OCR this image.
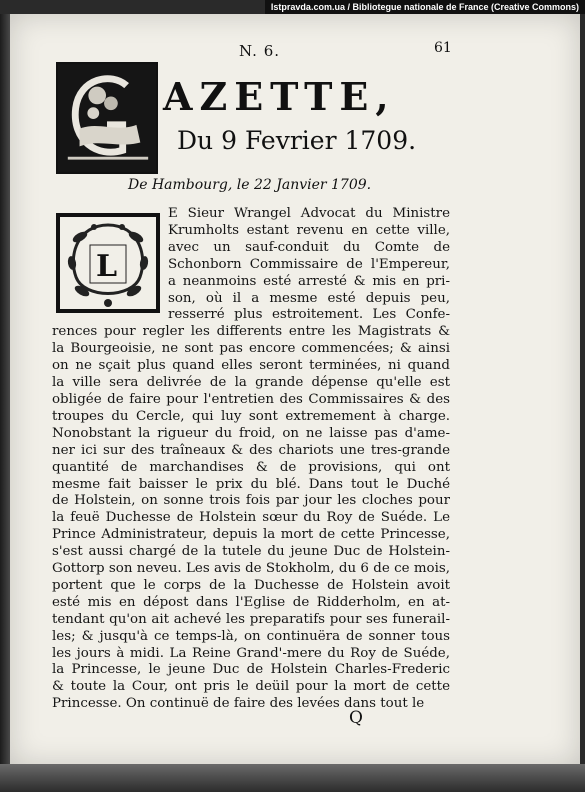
N. 6.	61
AZETTE,
Du 9 Fevrier 1709.
De Hambourg, le 22 Janvier 1709.
L
E Sieur Wrangel Advocat du Ministre
Krumholts estant revenu en cette ville,
avec un sauf-conduit du Comte de
Schonborn Commissaire de l'Empereur,
a neanmoins esté arresté & mis en pri-
son, où il a mesme esté depuis peu,
resserré plus estroitement. Les Confe-
rences pour regler les differents entre les Magistrats &
la Bourgeoisie, ne sont pas encore commencées; & ainsi
on ne sçait plus quand elles seront terminées, ni quand
la ville sera delivrée de la grande dépense qu'elle est
obligée de faire pour l'entretien des Commissaires & des
troupes du Cercle, qui luy sont extremement à charge.
Nonobstant la rigueur du froid, on ne laisse pas d'ame-
ner ici sur des traîneaux & des chariots une tres-grande
quantité de marchandises & de provisions, qui ont
mesme fait baisser le prix du blé. Dans tout le Duché
de Holstein, on sonne trois fois par jour les cloches pour
la feuë Duchesse de Holstein sœur du Roy de Suéde. Le
Prince Administrateur, depuis la mort de cette Princesse,
s'est aussi chargé de la tutele du jeune Duc de Holstein-
Gottorp son neveu. Les avis de Stokholm, du 6 de ce mois,
portent que le corps de la Duchesse de Holstein avoit
esté mis en dépost dans l'Eglise de Ridderholm, en at-
tendant qu'on ait achevé les preparatifs pour ses funerail-
les; & jusqu'à ce temps-là, on continuëra de sonner tous
les jours à midi. La Reine Grand'-mere du Roy de Suéde,
la Princesse, le jeune Duc de Holstein Charles-Frederic
& toute la Cour, ont pris le deüil pour la mort de cette
Princesse. On continuë de faire des levées dans tout le
Q
Istpravda.com.ua / Bibliotegue nationale de France (Creative Commons)
